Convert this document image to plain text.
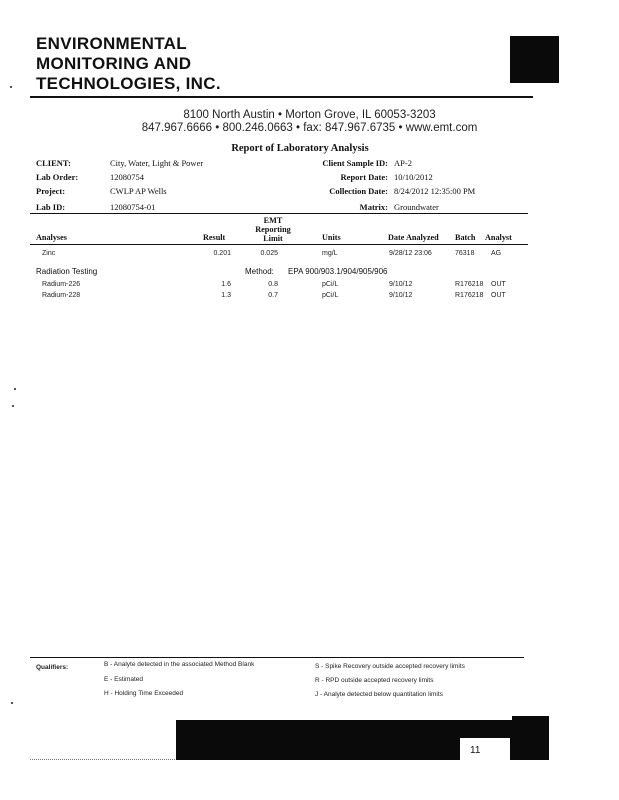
ENVIRONMENTAL
MONITORING AND
TECHNOLOGIES, INC.
8100 North Austin • Morton Grove, IL 60053-3203
847.967.6666 • 800.246.0663 • fax: 847.967.6735 • www.emt.com
Report of Laboratory Analysis
CLIENT:	City, Water, Light & Power
Lab Order:	12080754
Project:	CWLP AP Wells
Lab ID:	12080754-01
Client Sample ID: AP-2
Report Date: 10/10/2012
Collection Date: 8/24/2012 12:35:00 PM
Matrix: Groundwater
Analyses	Result
EMT
Reporting
Limit	Units	Date Analyzed Batch Analyst
Zinc	0.201	0.025	mg/L	9/28/12 23:06	76318 AG
Radiation Testing	Method: EPA 900/903.1/904/905/906
Radium-226	1.6	0.8	pCi/L	9/10/12	R176218 OUT
Radium-228	1.3	0.7	pCi/L	9/10/12	R176218 OUT
Qualifiers:	B - Analyte detected in the associated Method Blank
E - Estimated
H - Holding Time Exceeded
S - Spike Recovery outside accepted recovery limits
R - RPD outside accepted recovery limits
J - Analyte detected below quantitation limits
11
